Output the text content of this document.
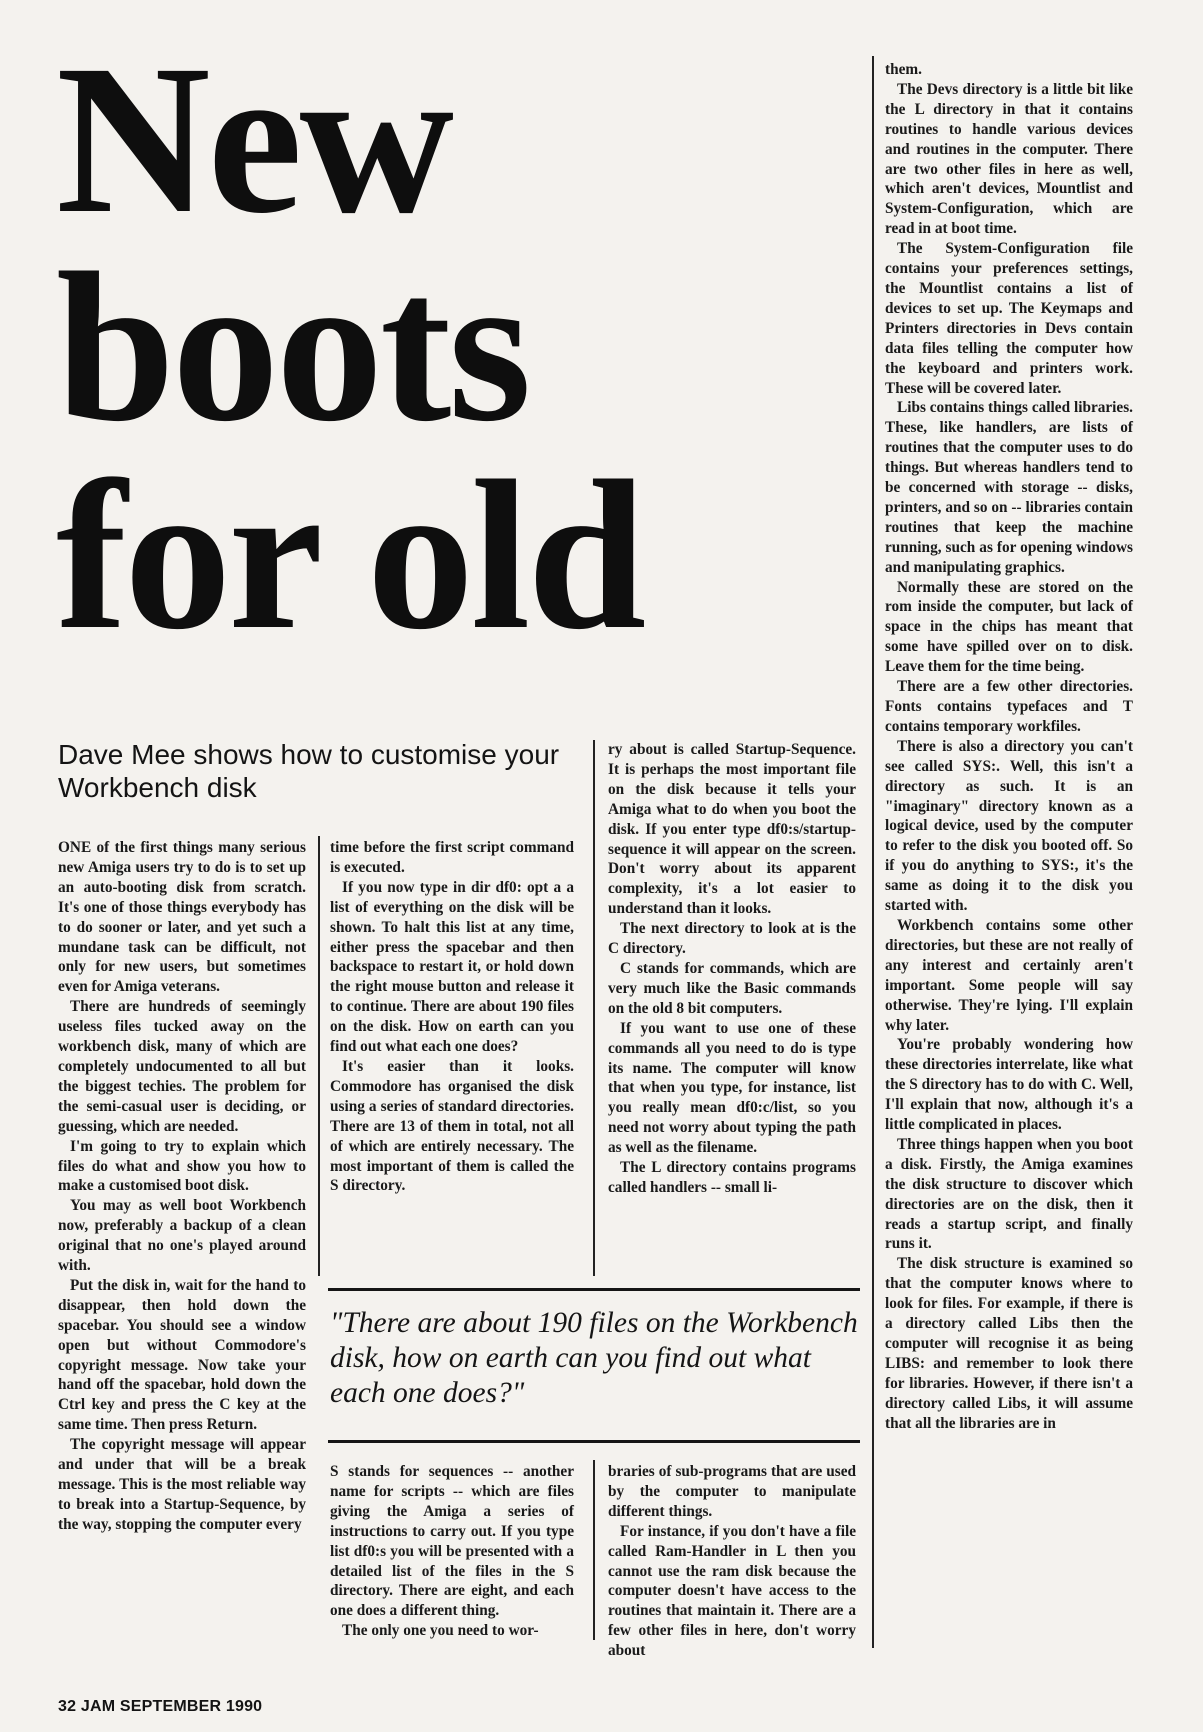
New
boots
for old
Dave Mee shows how to customise your Workbench disk

ONE of the first things many serious new Amiga users try to do is to set up an auto-booting disk from scratch. It's one of those things everybody has to do sooner or later, and yet such a mundane task can be difficult, not only for new users, but sometimes even for Amiga veterans.

There are hundreds of seemingly useless files tucked away on the workbench disk, many of which are completely undocumented to all but the biggest techies. The problem for the semi-casual user is deciding, or guessing, which are needed.

I'm going to try to explain which files do what and show you how to make a customised boot disk.

You may as well boot Workbench now, preferably a backup of a clean original that no one's played around with.

Put the disk in, wait for the hand to disappear, then hold down the spacebar. You should see a window open but without Commodore's copyright message. Now take your hand off the spacebar, hold down the Ctrl key and press the C key at the same time. Then press Return.

The copyright message will appear and under that will be a break message. This is the most reliable way to break into a Startup-Sequence, by the way, stopping the computer every

time before the first script command is executed.

If you now type in dir df0: opt a a list of everything on the disk will be shown. To halt this list at any time, either press the spacebar and then backspace to restart it, or hold down the right mouse button and release it to continue. There are about 190 files on the disk. How on earth can you find out what each one does?

It's easier than it looks. Commodore has organised the disk using a series of standard directories. There are 13 of them in total, not all of which are entirely necessary. The most important of them is called the S directory.

ry about is called Startup-Sequence. It is perhaps the most important file on the disk because it tells your Amiga what to do when you boot the disk. If you enter type df0:s/startup-sequence it will appear on the screen. Don't worry about its apparent complexity, it's a lot easier to understand than it looks.

The next directory to look at is the C directory.

C stands for commands, which are very much like the Basic commands on the old 8 bit computers.

If you want to use one of these commands all you need to do is type its name. The computer will know that when you type, for instance, list you really mean df0:c/list, so you need not worry about typing the path as well as the filename.

The L directory contains programs called handlers -- small li-

"There are about 190 files on the Workbench disk, how on earth can you find out what each one does?"

S stands for sequences -- another name for scripts -- which are files giving the Amiga a series of instructions to carry out. If you type list df0:s you will be presented with a detailed list of the files in the S directory. There are eight, and each one does a different thing.

The only one you need to wor-

braries of sub-programs that are used by the computer to manipulate different things.

For instance, if you don't have a file called Ram-Handler in L then you cannot use the ram disk because the computer doesn't have access to the routines that maintain it. There are a few other files in here, don't worry about

them.

The Devs directory is a little bit like the L directory in that it contains routines to handle various devices and routines in the computer. There are two other files in here as well, which aren't devices, Mountlist and System-Configuration, which are read in at boot time.

The System-Configuration file contains your preferences settings, the Mountlist contains a list of devices to set up. The Keymaps and Printers directories in Devs contain data files telling the computer how the keyboard and printers work. These will be covered later.

Libs contains things called libraries. These, like handlers, are lists of routines that the computer uses to do things. But whereas handlers tend to be concerned with storage -- disks, printers, and so on -- libraries contain routines that keep the machine running, such as for opening windows and manipulating graphics.

Normally these are stored on the rom inside the computer, but lack of space in the chips has meant that some have spilled over on to disk. Leave them for the time being.

There are a few other directories. Fonts contains typefaces and T contains temporary workfiles.

There is also a directory you can't see called SYS:. Well, this isn't a directory as such. It is an "imaginary" directory known as a logical device, used by the computer to refer to the disk you booted off. So if you do anything to SYS:, it's the same as doing it to the disk you started with.

Workbench contains some other directories, but these are not really of any interest and certainly aren't important. Some people will say otherwise. They're lying. I'll explain why later.

You're probably wondering how these directories interrelate, like what the S directory has to do with C. Well, I'll explain that now, although it's a little complicated in places.

Three things happen when you boot a disk. Firstly, the Amiga examines the disk structure to discover which directories are on the disk, then it reads a startup script, and finally runs it.

The disk structure is examined so that the computer knows where to look for files. For example, if there is a directory called Libs then the computer will recognise it as being LIBS: and remember to look there for libraries. However, if there isn't a directory called Libs, it will assume that all the libraries are in

32 JAM SEPTEMBER 1990
